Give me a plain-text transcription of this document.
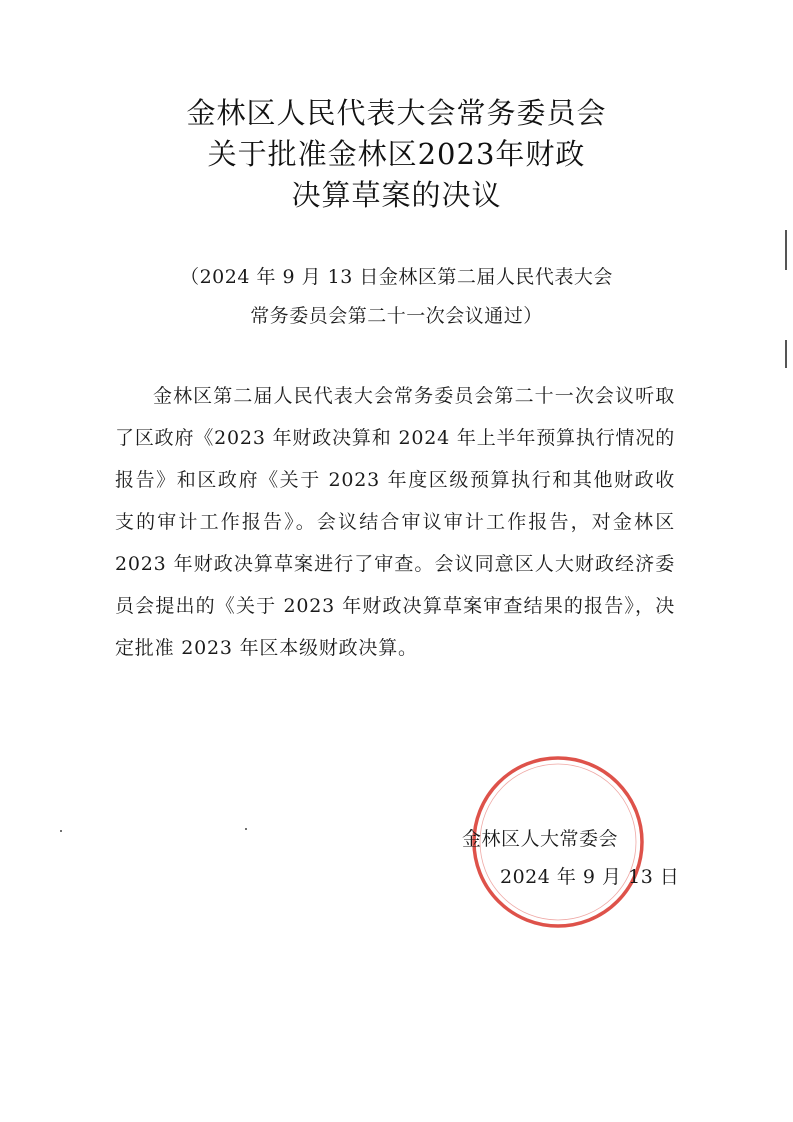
金林区人民代表大会常务委员会
关于批准金林区2023年财政
决算草案的决议
（2024 年 9 月 13 日金林区第二届人民代表大会
常务委员会第二十一次会议通过）
金林区第二届人民代表大会常务委员会第二十一次会议听取了区政府《2023 年财政决算和 2024 年上半年预算执行情况的报告》和区政府《关于 2023 年度区级预算执行和其他财政收支的审计工作报告》。会议结合审议审计工作报告，对金林区 2023 年财政决算草案进行了审查。会议同意区人大财政经济委员会提出的《关于 2023 年财政决算草案审查结果的报告》，决定批准 2023 年区本级财政决算。
金林区人大常委会
2024 年 9 月 13 日
